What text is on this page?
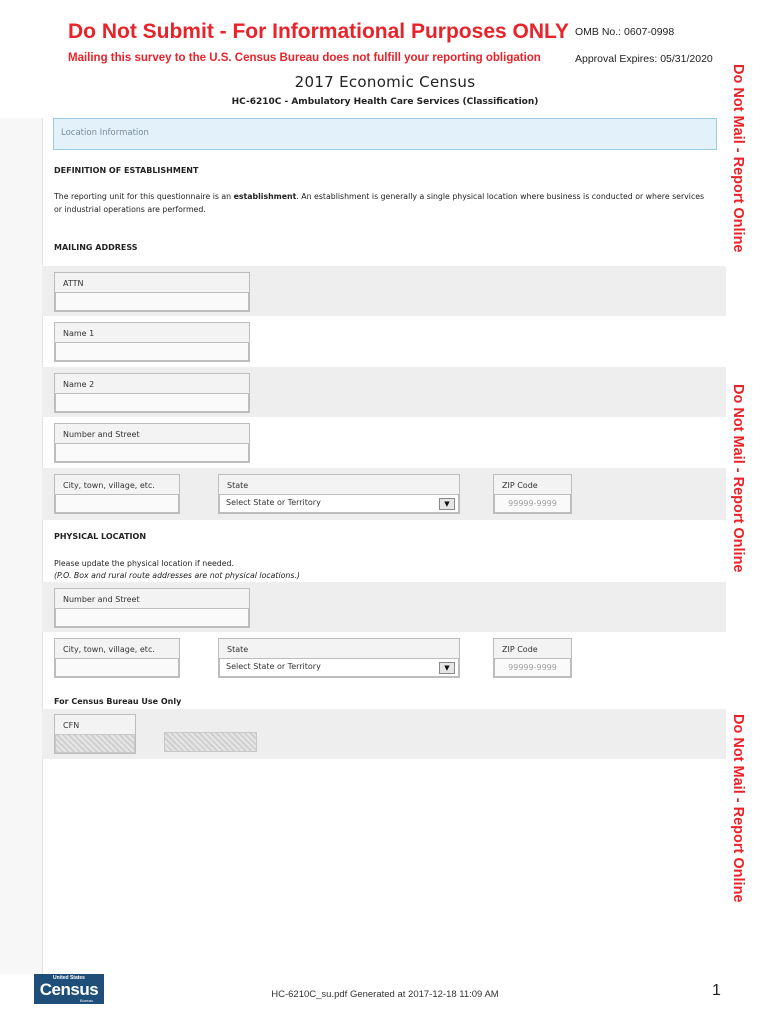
Do Not Submit - For Informational Purposes ONLY
Mailing this survey to the U.S. Census Bureau does not fulfill your reporting obligation
OMB No.: 0607-0998
Approval Expires: 05/31/2020
2017 Economic Census
HC-6210C - Ambulatory Health Care Services (Classification)
Location Information
DEFINITION OF ESTABLISHMENT
The reporting unit for this questionnaire is an establishment. An establishment is generally a single physical location where business is conducted or where services
or industrial operations are performed.
MAILING ADDRESS
ATTN
Name 1
Name 2
Number and Street
City, town, village, etc.	State
Select State or Territory	▼
ZIP Code
99999-9999
PHYSICAL LOCATION
Please update the physical location if needed.
(P.O. Box and rural route addresses are not physical locations.)
Number and Street
City, town, village, etc.	State
Select State or Territory	▼
ZIP Code
99999-9999
For Census Bureau Use Only
CFN
Do Not Mail - Report Online
Do Not Mail - Report Online
Do Not Mail - Report Online
United States
Census
Bureau
HC-6210C_su.pdf Generated at 2017-12-18 11:09 AM	1
